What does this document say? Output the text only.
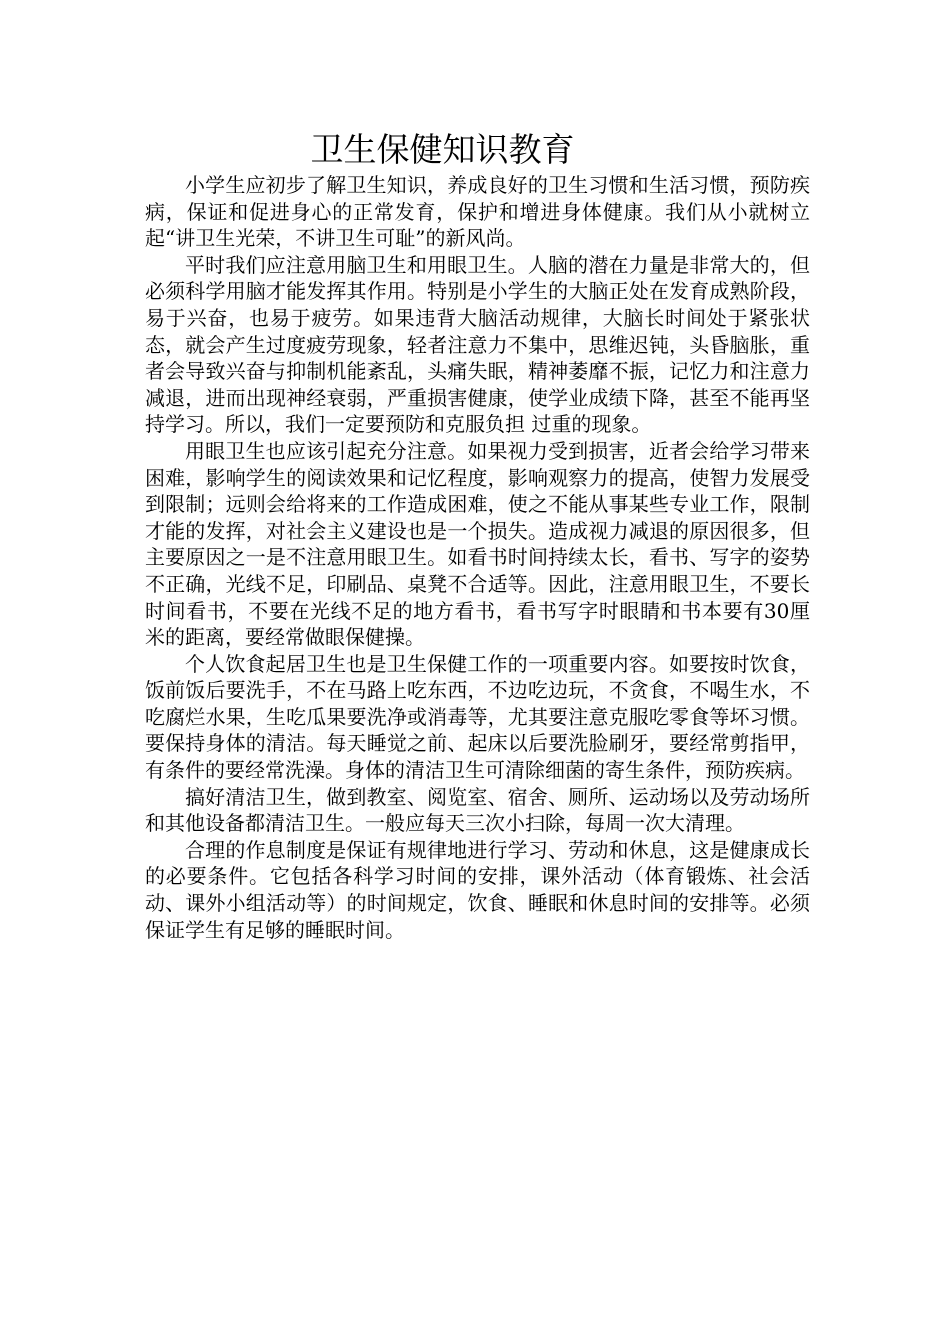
卫生保健知识教育

小学生应初步了解卫生知识，养成良好的卫生习惯和生活习惯，预防疾病，保证和促进身心的正常发育，保护和增进身体健康。我们从小就树立起“讲卫生光荣，不讲卫生可耻”的新风尚。

平时我们应注意用脑卫生和用眼卫生。人脑的潜在力量是非常大的，但必须科学用脑才能发挥其作用。特别是小学生的大脑正处在发育成熟阶段，易于兴奋，也易于疲劳。如果违背大脑活动规律，大脑长时间处于紧张状态，就会产生过度疲劳现象，轻者注意力不集中，思维迟钝，头昏脑胀，重者会导致兴奋与抑制机能紊乱，头痛失眠，精神萎靡不振，记忆力和注意力减退，进而出现神经衰弱，严重损害健康，使学业成绩下降，甚至不能再坚持学习。所以，我们一定要预防和克服负担 过重的现象。

用眼卫生也应该引起充分注意。如果视力受到损害，近者会给学习带来困难，影响学生的阅读效果和记忆程度，影响观察力的提高，使智力发展受到限制；远则会给将来的工作造成困难，使之不能从事某些专业工作，限制才能的发挥，对社会主义建设也是一个损失。造成视力减退的原因很多，但主要原因之一是不注意用眼卫生。如看书时间持续太长，看书、写字的姿势不正确，光线不足，印刷品、桌凳不合适等。因此，注意用眼卫生，不要长时间看书，不要在光线不足的地方看书，看书写字时眼睛和书本要有30厘米的距离，要经常做眼保健操。

个人饮食起居卫生也是卫生保健工作的一项重要内容。如要按时饮食，饭前饭后要洗手，不在马路上吃东西，不边吃边玩，不贪食，不喝生水，不吃腐烂水果，生吃瓜果要洗净或消毒等，尤其要注意克服吃零食等坏习惯。要保持身体的清洁。每天睡觉之前、起床以后要洗脸刷牙，要经常剪指甲，有条件的要经常洗澡。身体的清洁卫生可清除细菌的寄生条件，预防疾病。

搞好清洁卫生，做到教室、阅览室、宿舍、厕所、运动场以及劳动场所和其他设备都清洁卫生。一般应每天三次小扫除，每周一次大清理。

合理的作息制度是保证有规律地进行学习、劳动和休息，这是健康成长的必要条件。它包括各科学习时间的安排，课外活动（体育锻炼、社会活动、课外小组活动等）的时间规定，饮食、睡眠和休息时间的安排等。必须保证学生有足够的睡眠时间。
